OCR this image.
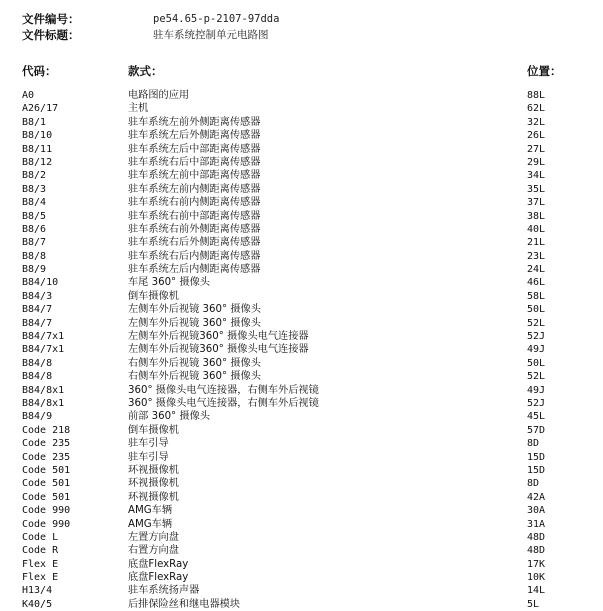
文件编号：	pe54.65-p-2107-97dda
文件标题：	驻车系统控制单元电路图
代码：	款式：	位置：
A0	电路图的应用	88L
A26/17	主机	62L
B8/1	驻车系统左前外侧距离传感器	32L
B8/10	驻车系统左后外侧距离传感器	26L
B8/11	驻车系统左后中部距离传感器	27L
B8/12	驻车系统右后中部距离传感器	29L
B8/2	驻车系统左前中部距离传感器	34L
B8/3	驻车系统左前内侧距离传感器	35L
B8/4	驻车系统右前内侧距离传感器	37L
B8/5	驻车系统右前中部距离传感器	38L
B8/6	驻车系统右前外侧距离传感器	40L
B8/7	驻车系统右后外侧距离传感器	21L
B8/8	驻车系统右后内侧距离传感器	23L
B8/9	驻车系统左后内侧距离传感器	24L
B84/10	车尾 360° 摄像头	46L
B84/3	倒车摄像机	58L
B84/7	左侧车外后视镜 360° 摄像头	50L
B84/7	左侧车外后视镜 360° 摄像头	52L
B84/7x1	左侧车外后视镜360° 摄像头电气连接器	52J
B84/7x1	左侧车外后视镜360° 摄像头电气连接器	49J
B84/8	右侧车外后视镜 360° 摄像头	50L
B84/8	右侧车外后视镜 360° 摄像头	52L
B84/8x1	360° 摄像头电气连接器，右侧车外后视镜	49J
B84/8x1	360° 摄像头电气连接器，右侧车外后视镜	52J
B84/9	前部 360° 摄像头	45L
Code 218	倒车摄像机	57D
Code 235	驻车引导	8D
Code 235	驻车引导	15D
Code 501	环视摄像机	15D
Code 501	环视摄像机	8D
Code 501	环视摄像机	42A
Code 990	AMG车辆	30A
Code 990	AMG车辆	31A
Code L	左置方向盘	48D
Code R	右置方向盘	48D
Flex E	底盘FlexRay	17K
Flex E	底盘FlexRay	10K
H13/4	驻车系统扬声器	14L
K40/5	后排保险丝和继电器模块	5L
